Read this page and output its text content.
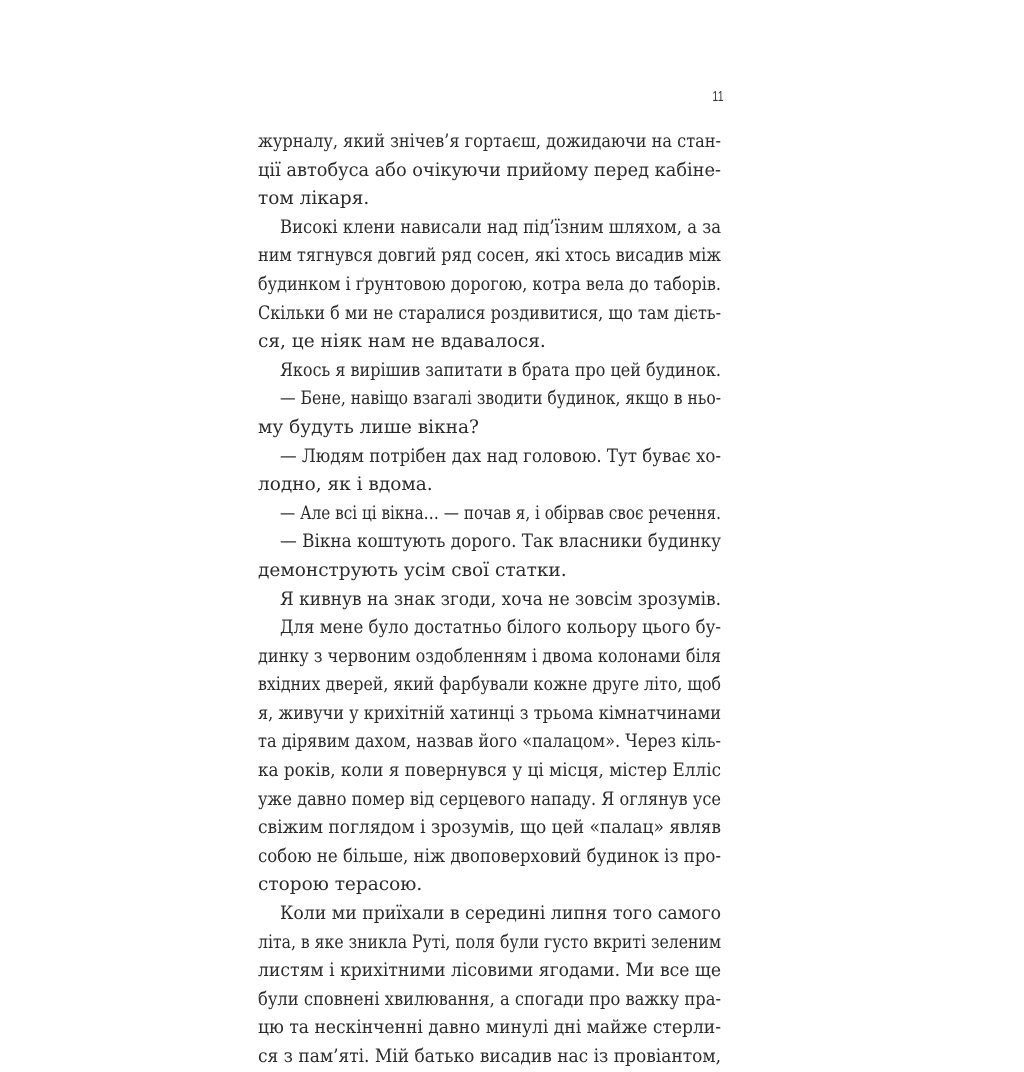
11
журналу, який знічев’я гортаєш, дожидаючи на стан-
ції автобуса або очікуючи прийому перед кабіне-
том лікаря.
Високі клени нависали над під’їзним шляхом, а за
ним тягнувся довгий ряд сосен, які хтось висадив між
будинком і ґрунтовою дорогою, котра вела до таборів.
Скільки б ми не старалися роздивитися, що там дієть-
ся, це ніяк нам не вдавалося.
Якось я вирішив запитати в брата про цей будинок.
— Бене, навіщо взагалі зводити будинок, якщо в ньо-
му будуть лише вікна?
— Людям потрібен дах над головою. Тут буває хо-
лодно, як і вдома.
— Але всі ці вікна… — почав я, і обірвав своє речення.
— Вікна коштують дорого. Так власники будинку
демонструють усім свої статки.
Я кивнув на знак згоди, хоча не зовсім зрозумів.
Для мене було достатньо білого кольору цього бу-
динку з червоним оздобленням і двома колонами біля
вхідних дверей, який фарбували кожне друге літо, щоб
я, живучи у крихітній хатинці з трьома кімнатчинами
та дірявим дахом, назвав його «палацом». Через кіль-
ка років, коли я повернувся у ці місця, містер Елліс
уже давно помер від серцевого нападу. Я оглянув усе
свіжим поглядом і зрозумів, що цей «палац» являв
собою не більше, ніж двоповерховий будинок із про-
сторою терасою.
Коли ми приїхали в середині липня того самого
літа, в яке зникла Руті, поля були густо вкриті зеленим
листям і крихітними лісовими ягодами. Ми все ще
були сповнені хвилювання, а спогади про важку пра-
цю та нескінченні давно минулі дні майже стерли-
ся з пам’яті. Мій батько висадив нас із провіантом,
